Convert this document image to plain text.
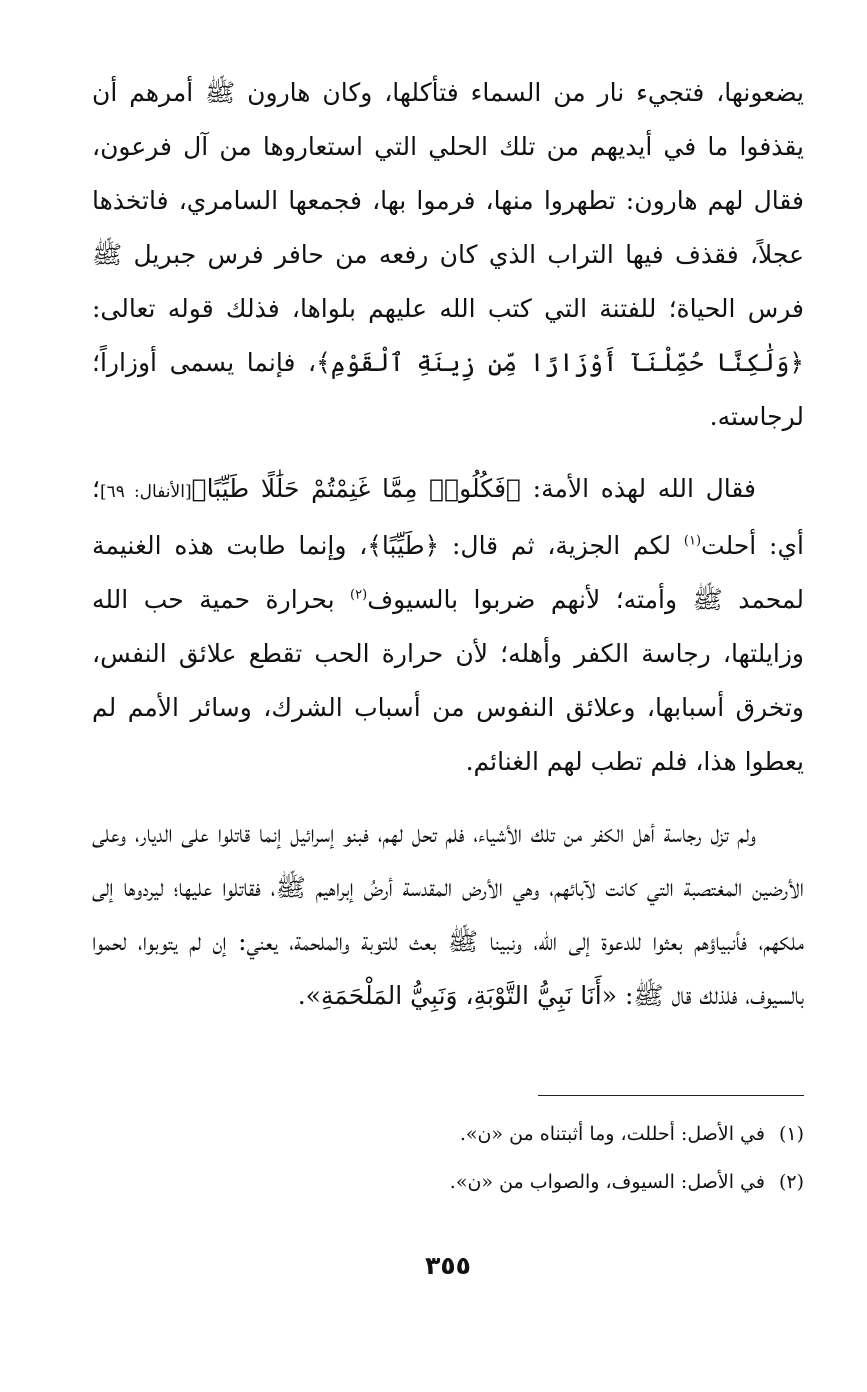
يضعونها، فتجيء نار من السماء فتأكلها، وكان هارون ﷺ أمرهم أن يقذفوا ما في أيديهم من تلك الحلي التي استعاروها من آل فرعون، فقال لهم هارون: تطهروا منها، فرموا بها، فجمعها السامري، فاتخذها عجلاً، فقذف فيها التراب الذي كان رفعه من حافر فرس جبريل ﷺ فرس الحياة؛ للفتنة التي كتب الله عليهم بلواها، فذلك قوله تعالى: ﴿وَلَٰكِنَّا حُمِّلْنَآ أَوْزَارًا مِّن زِينَةِ ٱلْقَوْمِ﴾، فإنما يسمى أوزاراً؛ لرجاسته.

فقال الله لهذه الأمة: ﴿فَكُلُوا۟ مِمَّا غَنِمْتُمْ حَلَٰلًا طَيِّبًا﴾[الأنفال: ٦٩]؛ أي: أحلت$^{(١)}$ لكم الجزية، ثم قال: ﴿طَيِّبًا﴾، وإنما طابت هذه الغنيمة لمحمد ﷺ وأمته؛ لأنهم ضربوا بالسيوف$^{(٢)}$ بحرارة حمية حب الله وزايلتها، رجاسة الكفر وأهله؛ لأن حرارة الحب تقطع علائق النفس، وتخرق أسبابها، وعلائق النفوس من أسباب الشرك، وسائر الأمم لم يعطوا هذا، فلم تطب لهم الغنائم.

ولم تزل رجاسة أهل الكفر من تلك الأشياء، فلم تحل لهم، فبنو إسرائيل إنما قاتلوا على الديار، وعلى الأرضين المغتصبة التي كانت لآبائهم، وهي الأرض المقدسة أرضُ إبراهيم ﷺ، فقاتلوا عليها؛ ليردوها إلى ملكهم، فأنبياؤهم بعثوا للدعوة إلى الله، ونبينا ﷺ بعث للتوبة والملحمة، يعني: إن لم يتوبوا، لحموا بالسيوف، فلذلك قال ﷺ: «أَنَا نَبِيُّ التَّوْبَةِ، وَنَبِيُّ المَلْحَمَةِ».

(١)في الأصل: أحللت، وما أثبتناه من «ن».

(٢)في الأصل: السيوف، والصواب من «ن».

٣٥٥
